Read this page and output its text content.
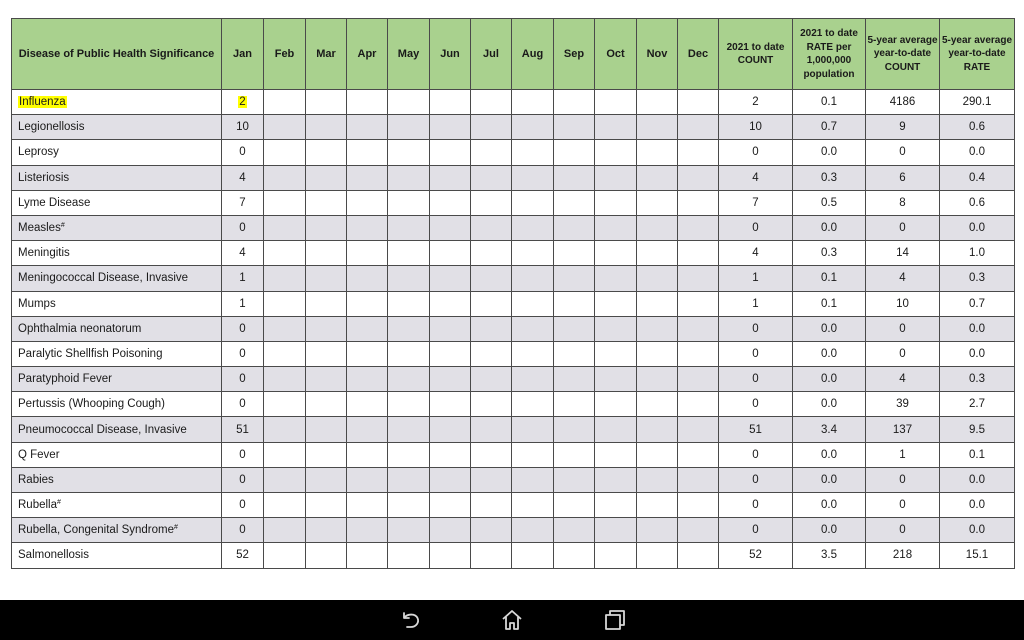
Disease of Public Health Significance	Jan	Feb	Mar	Apr	May	Jun	Jul	Aug	Sep	Oct	Nov	Dec	2021 to date COUNT	2021 to date RATE per 1,000,000 population	5-year average year-to-date COUNT	5-year average year-to-date RATE
Influenza	2												2	0.1	4186	290.1
Legionellosis	10												10	0.7	9	0.6
Leprosy	0												0	0.0	0	0.0
Listeriosis	4												4	0.3	6	0.4
Lyme Disease	7												7	0.5	8	0.6
Measles#	0												0	0.0	0	0.0
Meningitis	4												4	0.3	14	1.0
Meningococcal Disease, Invasive	1												1	0.1	4	0.3
Mumps	1												1	0.1	10	0.7
Ophthalmia neonatorum	0												0	0.0	0	0.0
Paralytic Shellfish Poisoning	0												0	0.0	0	0.0
Paratyphoid Fever	0												0	0.0	4	0.3
Pertussis (Whooping Cough)	0												0	0.0	39	2.7
Pneumococcal Disease, Invasive	51												51	3.4	137	9.5
Q Fever	0												0	0.0	1	0.1
Rabies	0												0	0.0	0	0.0
Rubella#	0												0	0.0	0	0.0
Rubella, Congenital Syndrome#	0												0	0.0	0	0.0
Salmonellosis	52												52	3.5	218	15.1
